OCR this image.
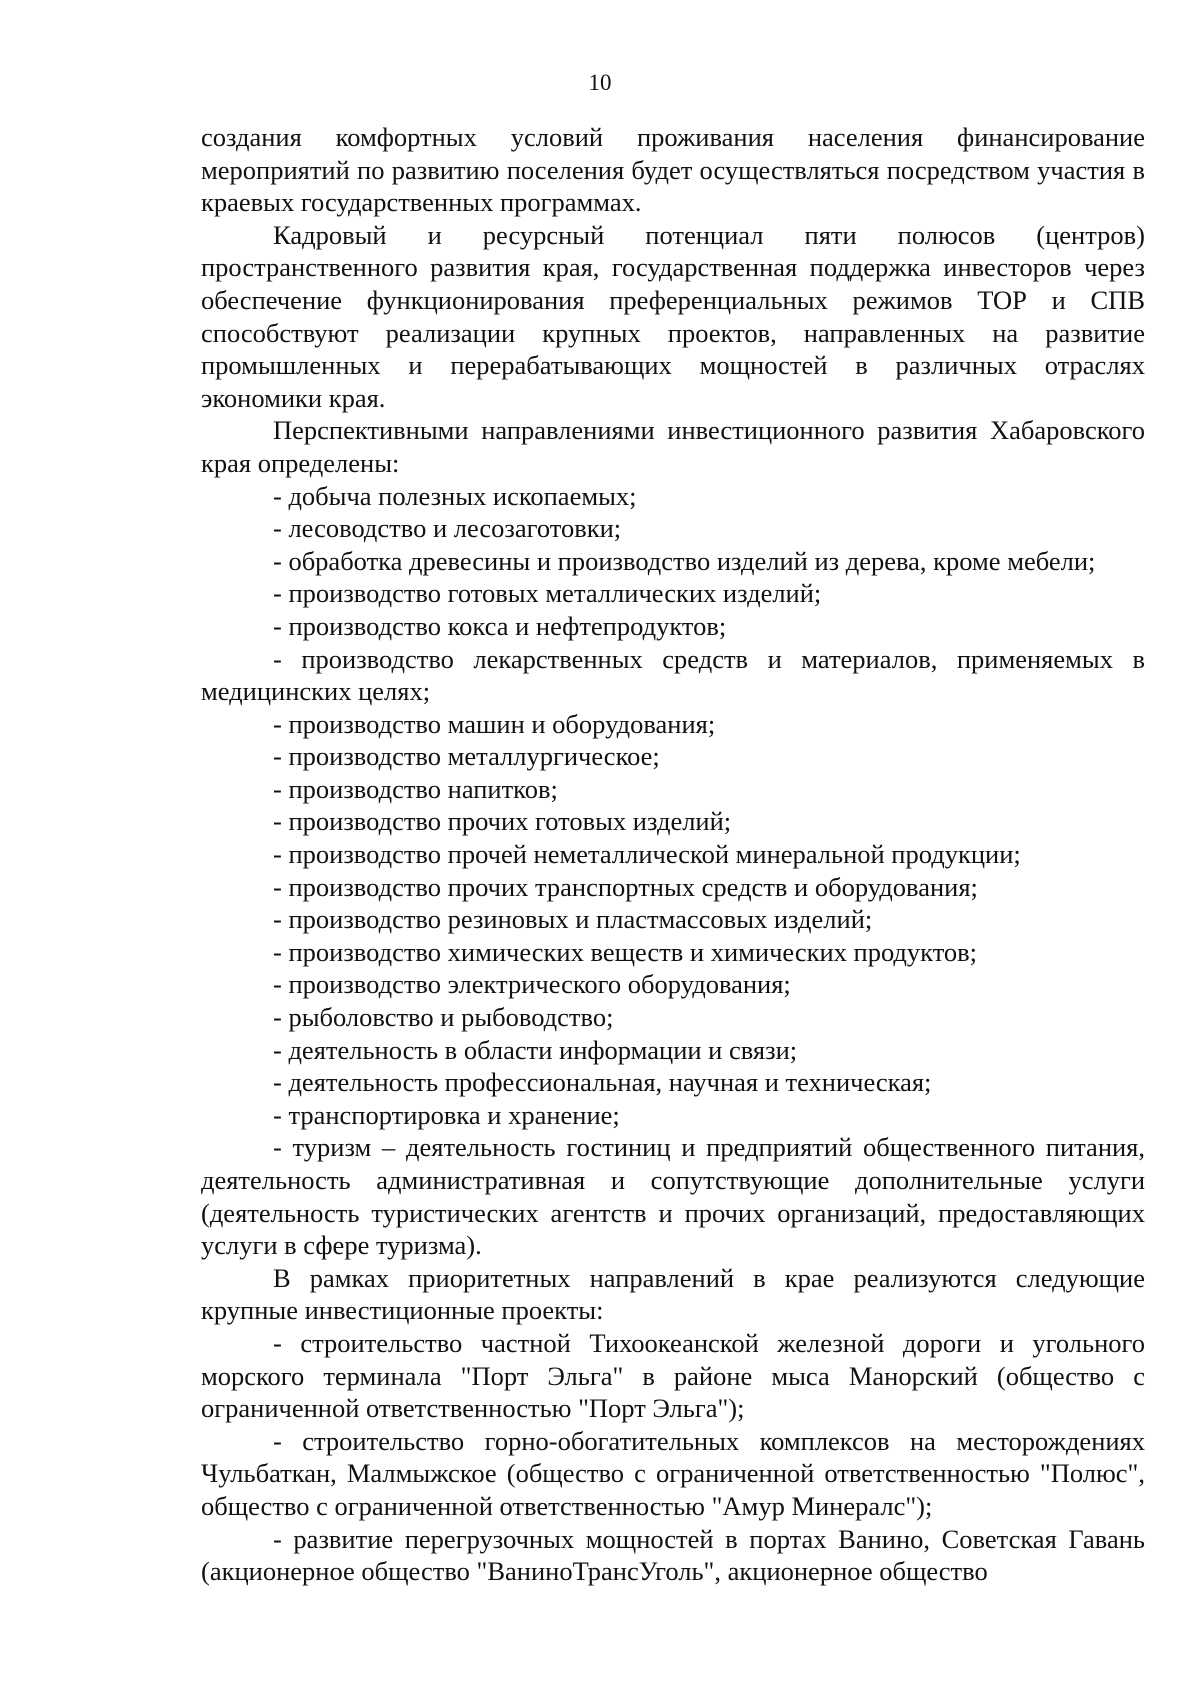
10

создания комфортных условий проживания населения финансирование мероприятий по развитию поселения будет осуществляться посредством участия в краевых государственных программах.

Кадровый и ресурсный потенциал пяти полюсов (центров) пространственного развития края, государственная поддержка инвесторов через обеспечение функционирования преференциальных режимов ТОР и СПВ способствуют реализации крупных проектов, направленных на развитие промышленных и перерабатывающих мощностей в различных отраслях экономики края.

Перспективными направлениями инвестиционного развития Хабаровского края определены:

- добыча полезных ископаемых;

- лесоводство и лесозаготовки;

- обработка древесины и производство изделий из дерева, кроме мебели;

- производство готовых металлических изделий;

- производство кокса и нефтепродуктов;

- производство лекарственных средств и материалов, применяемых в медицинских целях;

- производство машин и оборудования;

- производство металлургическое;

- производство напитков;

- производство прочих готовых изделий;

- производство прочей неметаллической минеральной продукции;

- производство прочих транспортных средств и оборудования;

- производство резиновых и пластмассовых изделий;

- производство химических веществ и химических продуктов;

- производство электрического оборудования;

- рыболовство и рыбоводство;

- деятельность в области информации и связи;

- деятельность профессиональная, научная и техническая;

- транспортировка и хранение;

- туризм – деятельность гостиниц и предприятий общественного питания, деятельность административная и сопутствующие дополнительные услуги (деятельность туристических агентств и прочих организаций, предоставляющих услуги в сфере туризма).

В рамках приоритетных направлений в крае реализуются следующие крупные инвестиционные проекты:

- строительство частной Тихоокеанской железной дороги и угольного морского терминала "Порт Эльга" в районе мыса Манорский (общество с ограниченной ответственностью "Порт Эльга");

- строительство горно-обогатительных комплексов на месторождениях Чульбаткан, Малмыжское (общество с ограниченной ответственностью "Полюс", общество с ограниченной ответственностью "Амур Минералс");

- развитие перегрузочных мощностей в портах Ванино, Советская Гавань (акционерное общество "ВаниноТрансУголь", акционерное общество
